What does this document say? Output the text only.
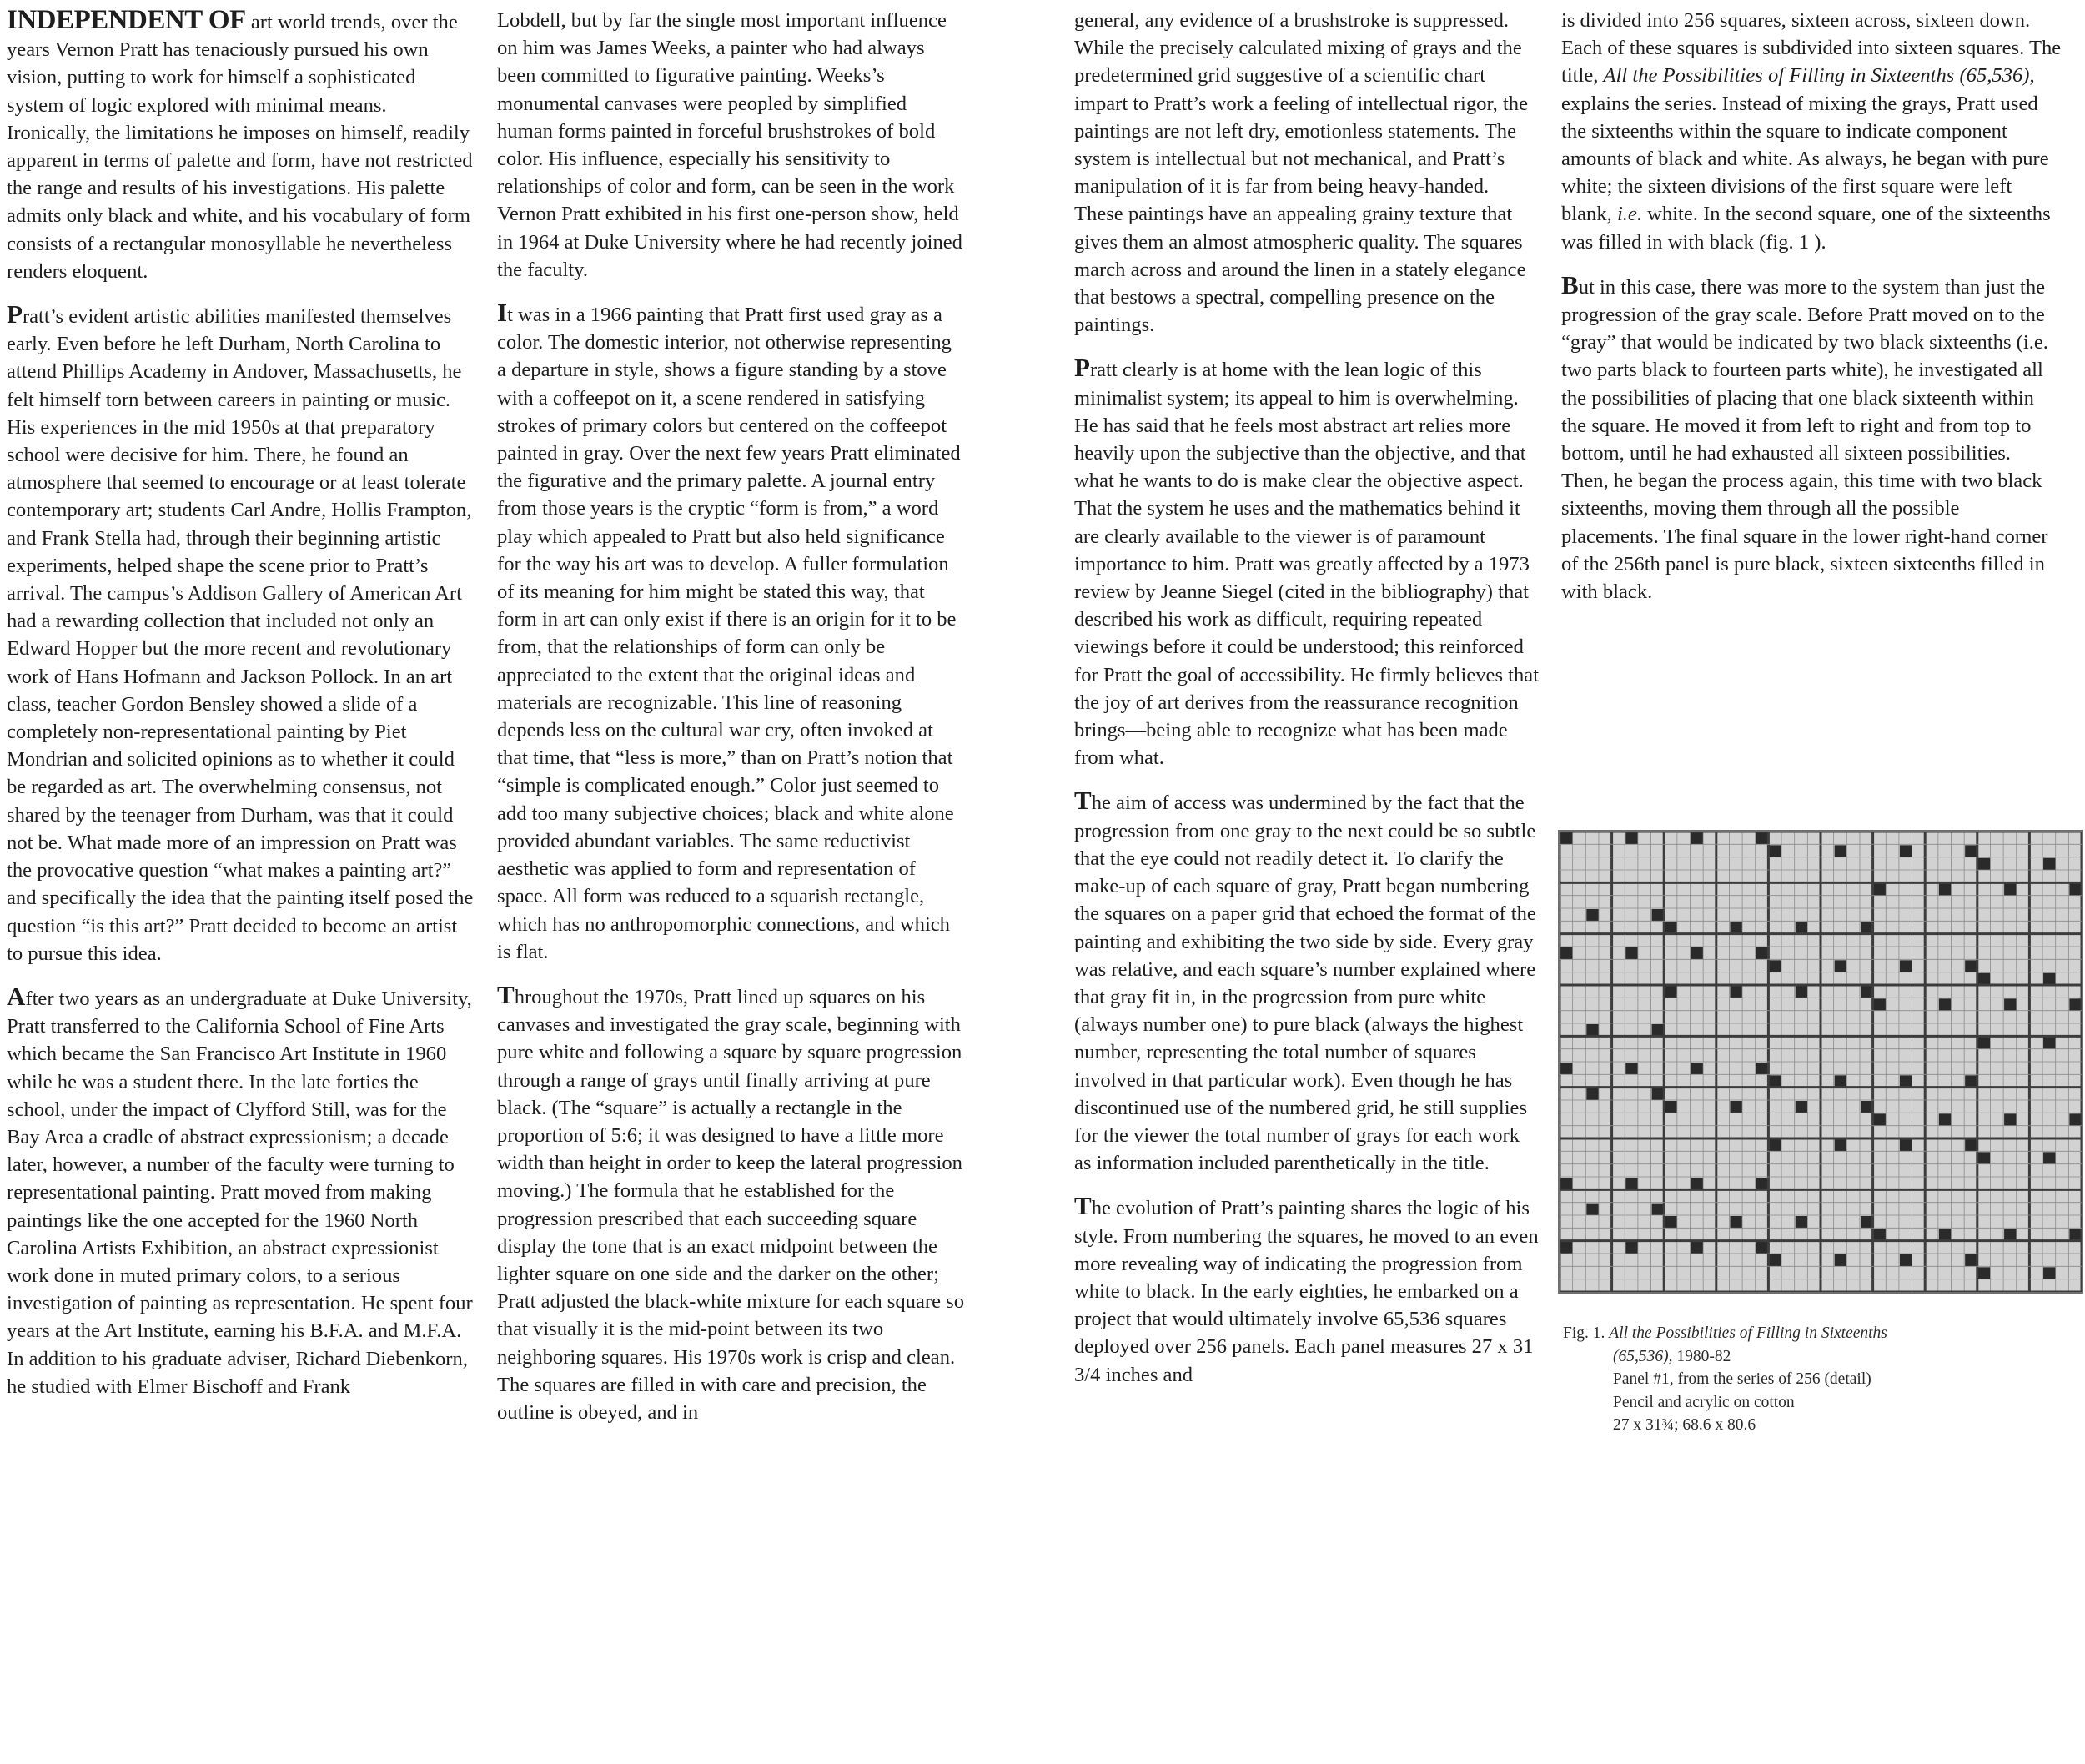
INDEPENDENT OF art world trends, over the years Vernon Pratt has tenaciously pursued his own vision, putting to work for himself a sophisticated system of logic explored with minimal means. Ironically, the limitations he imposes on himself, readily apparent in terms of palette and form, have not restricted the range and results of his investigations. His palette admits only black and white, and his vocabulary of form consists of a rectangular monosyllable he nevertheless renders eloquent.

Pratt’s evident artistic abilities manifested themselves early. Even before he left Durham, North Carolina to attend Phillips Academy in Andover, Massachusetts, he felt himself torn between careers in painting or music. His experiences in the mid 1950s at that preparatory school were decisive for him. There, he found an atmosphere that seemed to encourage or at least tolerate contemporary art; students Carl Andre, Hollis Frampton, and Frank Stella had, through their beginning artistic experiments, helped shape the scene prior to Pratt’s arrival. The campus’s Addison Gallery of American Art had a rewarding collection that included not only an Edward Hopper but the more recent and revolutionary work of Hans Hofmann and Jackson Pollock. In an art class, teacher Gordon Bensley showed a slide of a completely non-representational painting by Piet Mondrian and solicited opinions as to whether it could be regarded as art. The overwhelming consensus, not shared by the teenager from Durham, was that it could not be. What made more of an impression on Pratt was the provocative question “what makes a painting art?” and specifically the idea that the painting itself posed the question “is this art?” Pratt decided to become an artist to pursue this idea.

After two years as an undergraduate at Duke University, Pratt transferred to the California School of Fine Arts which became the San Francisco Art Institute in 1960 while he was a student there. In the late forties the school, under the impact of Clyfford Still, was for the Bay Area a cradle of abstract expressionism; a decade later, however, a number of the faculty were turning to representational painting. Pratt moved from making paintings like the one accepted for the 1960 North Carolina Artists Exhibition, an abstract expressionist work done in muted primary colors, to a serious investigation of painting as representation. He spent four years at the Art Institute, earning his B.F.A. and M.F.A. In addition to his graduate adviser, Richard Diebenkorn, he studied with Elmer Bischoff and Frank

Lobdell, but by far the single most important influence on him was James Weeks, a painter who had always been committed to figurative painting. Weeks’s monumental canvases were peopled by simplified human forms painted in forceful brushstrokes of bold color. His influence, especially his sensitivity to relationships of color and form, can be seen in the work Vernon Pratt exhibited in his first one-person show, held in 1964 at Duke University where he had recently joined the faculty.

It was in a 1966 painting that Pratt first used gray as a color. The domestic interior, not otherwise representing a departure in style, shows a figure standing by a stove with a coffeepot on it, a scene rendered in satisfying strokes of primary colors but centered on the coffeepot painted in gray. Over the next few years Pratt eliminated the figurative and the primary palette. A journal entry from those years is the cryptic “form is from,” a word play which appealed to Pratt but also held significance for the way his art was to develop. A fuller formulation of its meaning for him might be stated this way, that form in art can only exist if there is an origin for it to be from, that the relationships of form can only be appreciated to the extent that the original ideas and materials are recognizable. This line of reasoning depends less on the cultural war cry, often invoked at that time, that “less is more,” than on Pratt’s notion that “simple is complicated enough.” Color just seemed to add too many subjective choices; black and white alone provided abundant variables. The same reductivist aesthetic was applied to form and representation of space. All form was reduced to a squarish rectangle, which has no anthropomorphic connections, and which is flat.

Throughout the 1970s, Pratt lined up squares on his canvases and investigated the gray scale, beginning with pure white and following a square by square progression through a range of grays until finally arriving at pure black. (The “square” is actually a rectangle in the proportion of 5:6; it was designed to have a little more width than height in order to keep the lateral progression moving.) The formula that he established for the progression prescribed that each succeeding square display the tone that is an exact midpoint between the lighter square on one side and the darker on the other; Pratt adjusted the black-white mixture for each square so that visually it is the mid-point between its two neighboring squares. His 1970s work is crisp and clean. The squares are filled in with care and precision, the outline is obeyed, and in

general, any evidence of a brushstroke is suppressed. While the precisely calculated mixing of grays and the predetermined grid suggestive of a scientific chart impart to Pratt’s work a feeling of intellectual rigor, the paintings are not left dry, emotionless statements. The system is intellectual but not mechanical, and Pratt’s manipulation of it is far from being heavy-handed. These paintings have an appealing grainy texture that gives them an almost atmospheric quality. The squares march across and around the linen in a stately elegance that bestows a spectral, compelling presence on the paintings.

Pratt clearly is at home with the lean logic of this minimalist system; its appeal to him is overwhelming. He has said that he feels most abstract art relies more heavily upon the subjective than the objective, and that what he wants to do is make clear the objective aspect. That the system he uses and the mathematics behind it are clearly available to the viewer is of paramount importance to him. Pratt was greatly affected by a 1973 review by Jeanne Siegel (cited in the bibliography) that described his work as difficult, requiring repeated viewings before it could be understood; this reinforced for Pratt the goal of accessibility. He firmly believes that the joy of art derives from the reassurance recognition brings—being able to recognize what has been made from what.

The aim of access was undermined by the fact that the progression from one gray to the next could be so subtle that the eye could not readily detect it. To clarify the make-up of each square of gray, Pratt began numbering the squares on a paper grid that echoed the format of the painting and exhibiting the two side by side. Every gray was relative, and each square’s number explained where that gray fit in, in the progression from pure white (always number one) to pure black (always the highest number, representing the total number of squares involved in that particular work). Even though he has discontinued use of the numbered grid, he still supplies for the viewer the total number of grays for each work as information included parenthetically in the title.

The evolution of Pratt’s painting shares the logic of his style. From numbering the squares, he moved to an even more revealing way of indicating the progression from white to black. In the early eighties, he embarked on a project that would ultimately involve 65,536 squares deployed over 256 panels. Each panel measures 27 x 31 3/4 inches and

is divided into 256 squares, sixteen across, sixteen down. Each of these squares is subdivided into sixteen squares. The title, All the Possibilities of Filling in Sixteenths (65,536), explains the series. Instead of mixing the grays, Pratt used the sixteenths within the square to indicate component amounts of black and white. As always, he began with pure white; the sixteen divisions of the first square were left blank, i.e. white. In the second square, one of the sixteenths was filled in with black (fig. 1 ).

But in this case, there was more to the system than just the progression of the gray scale. Before Pratt moved on to the “gray” that would be indicated by two black sixteenths (i.e. two parts black to fourteen parts white), he investigated all the possibilities of placing that one black sixteenth within the square. He moved it from left to right and from top to bottom, until he had exhausted all sixteen possibilities. Then, he began the process again, this time with two black sixteenths, moving them through all the possible placements. The final square in the lower right-hand corner of the 256th panel is pure black, sixteen sixteenths filled in with black.

Fig. 1. All the Possibilities of Filling in Sixteenths
(65,536), 1980-82
Panel #1, from the series of 256 (detail)
Pencil and acrylic on cotton
27 x 31¾; 68.6 x 80.6
